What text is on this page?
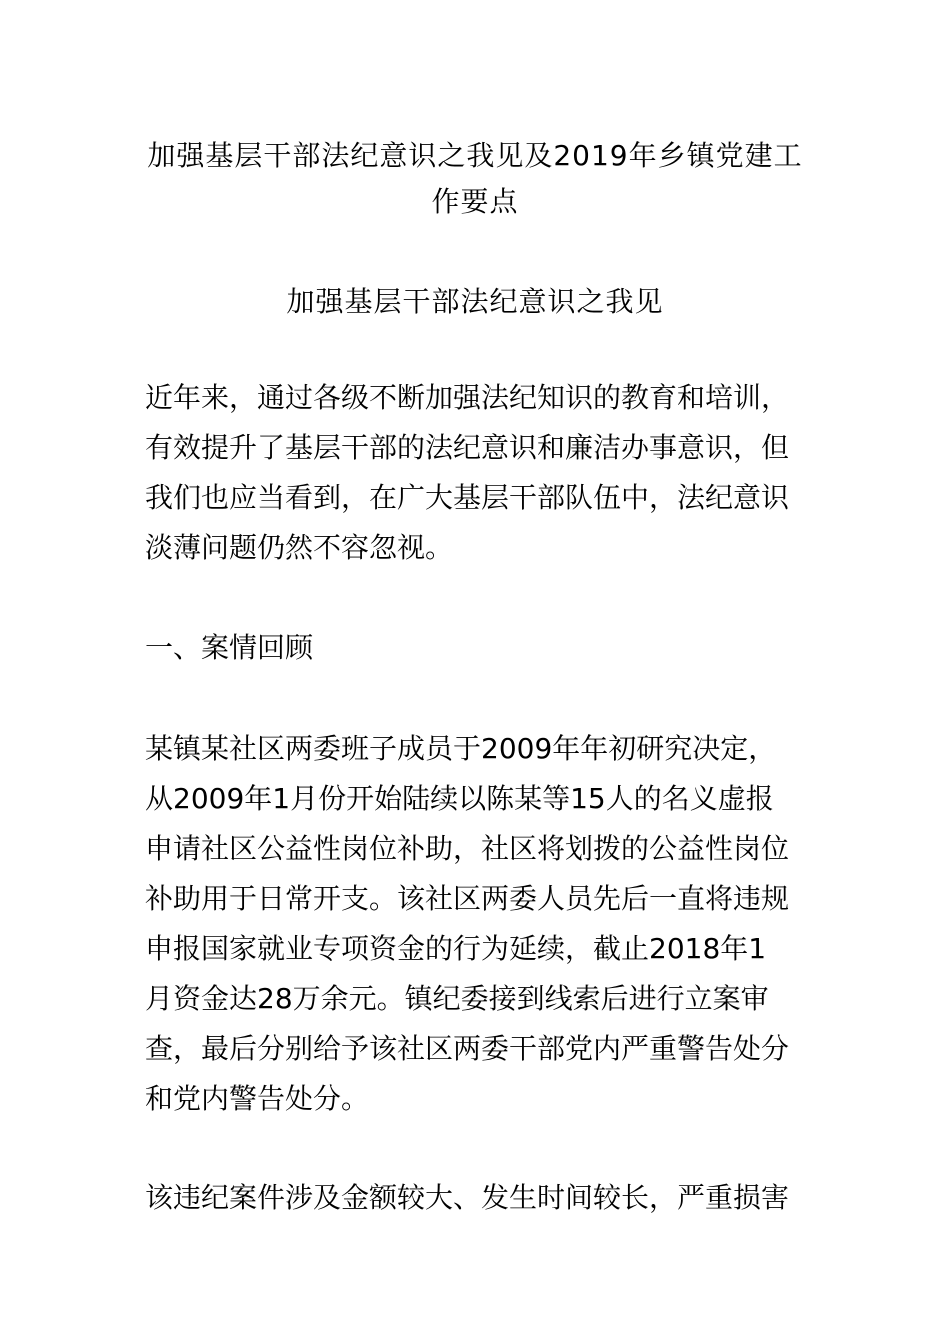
加强基层干部法纪意识之我见及2019年乡镇党建工
作要点
加强基层干部法纪意识之我见

近年来，通过各级不断加强法纪知识的教育和培训，
有效提升了基层干部的法纪意识和廉洁办事意识，但
我们也应当看到，在广大基层干部队伍中，法纪意识
淡薄问题仍然不容忽视。

一、案情回顾

某镇某社区两委班子成员于2009年年初研究决定，
从2009年1月份开始陆续以陈某等15人的名义虚报
申请社区公益性岗位补助，社区将划拨的公益性岗位
补助用于日常开支。该社区两委人员先后一直将违规
申报国家就业专项资金的行为延续，截止2018年1
月资金达28万余元。镇纪委接到线索后进行立案审
查，最后分别给予该社区两委干部党内严重警告处分
和党内警告处分。

该违纪案件涉及金额较大、发生时间较长，严重损害
